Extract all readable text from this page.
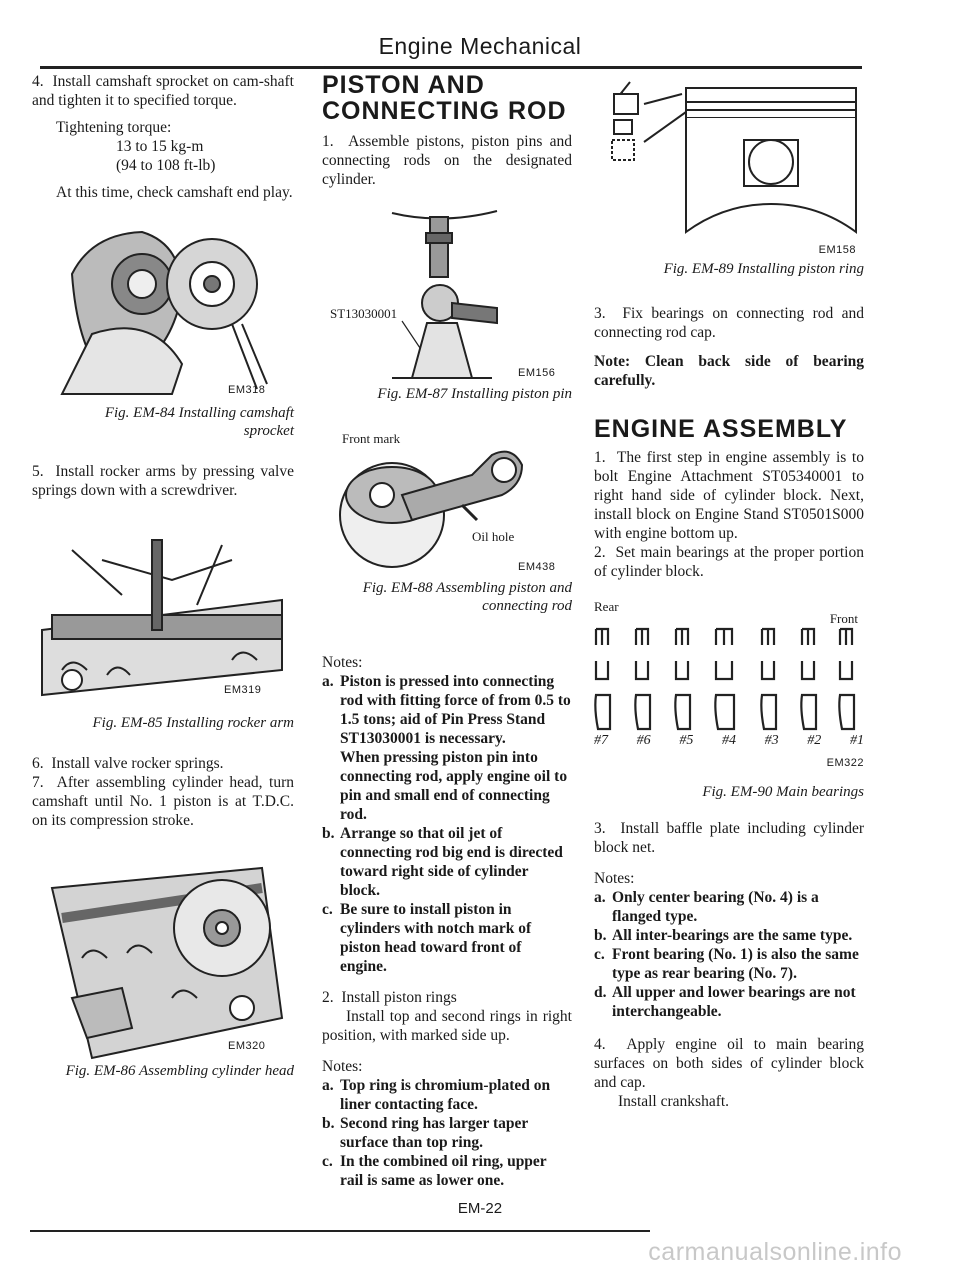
Engine Mechanical

4.  Install camshaft sprocket on cam-shaft and tighten it to specified torque.

Tightening torque:

13 to 15 kg-m

(94 to 108 ft-lb)

At this time, check camshaft end play.

EM318

Fig. EM-84 Installing camshaft

sprocket

5.  Install rocker arms by pressing valve springs down with a screwdriver.

EM319

Fig. EM-85 Installing rocker arm

6.  Install valve rocker springs.

7.  After assembling cylinder head, turn camshaft until No. 1 piston is at T.D.C. on its compression stroke.

EM320

Fig. EM-86 Assembling cylinder head

PISTON AND

CONNECTING ROD

1.  Assemble pistons, piston pins and connecting rods on the designated cylinder.

ST13030001
EM156

Fig. EM-87 Installing piston pin

Front mark
Oil hole
EM438

Fig. EM-88 Assembling piston and

connecting rod

Notes:

a. Piston is pressed into connecting rod with fitting force of from 0.5 to 1.5 tons; aid of Pin Press Stand ST13030001 is necessary.
When pressing piston pin into connecting rod, apply engine oil to pin and small end of connecting rod.
b. Arrange so that oil jet of connecting rod big end is directed toward right side of cylinder block.
c. Be sure to install piston in cylinders with notch mark of piston head toward front of engine.

2.  Install piston rings

Install top and second rings in right position, with marked side up.

Notes:

a. Top ring is chromium-plated on liner contacting face.
b. Second ring has larger taper surface than top ring.
c. In the combined oil ring, upper rail is same as lower one.
EM158

Fig. EM-89 Installing piston ring

3.  Fix bearings on connecting rod and connecting rod cap.

Note: Clean back side of bearing carefully.

ENGINE ASSEMBLY

1.  The first step in engine assembly is to bolt Engine Attachment ST05340001 to right hand side of cylinder block. Next, install block on Engine Stand ST0501S000 with engine bottom up.

2.  Set main bearings at the proper portion of cylinder block.

Rear
Front
#7 #6 #5 #4 #3 #2 #1
EM322

Fig. EM-90 Main bearings

3.  Install baffle plate including cylinder block net.

Notes:

a. Only center bearing (No. 4) is a flanged type.
b. All inter-bearings are the same type.
c. Front bearing (No. 1) is also the same type as rear bearing (No. 7).
d. All upper and lower bearings are not interchangeable.

4.  Apply engine oil to main bearing surfaces on both sides of cylinder block and cap.

Install crankshaft.

EM-22
carmanualsonline.info
